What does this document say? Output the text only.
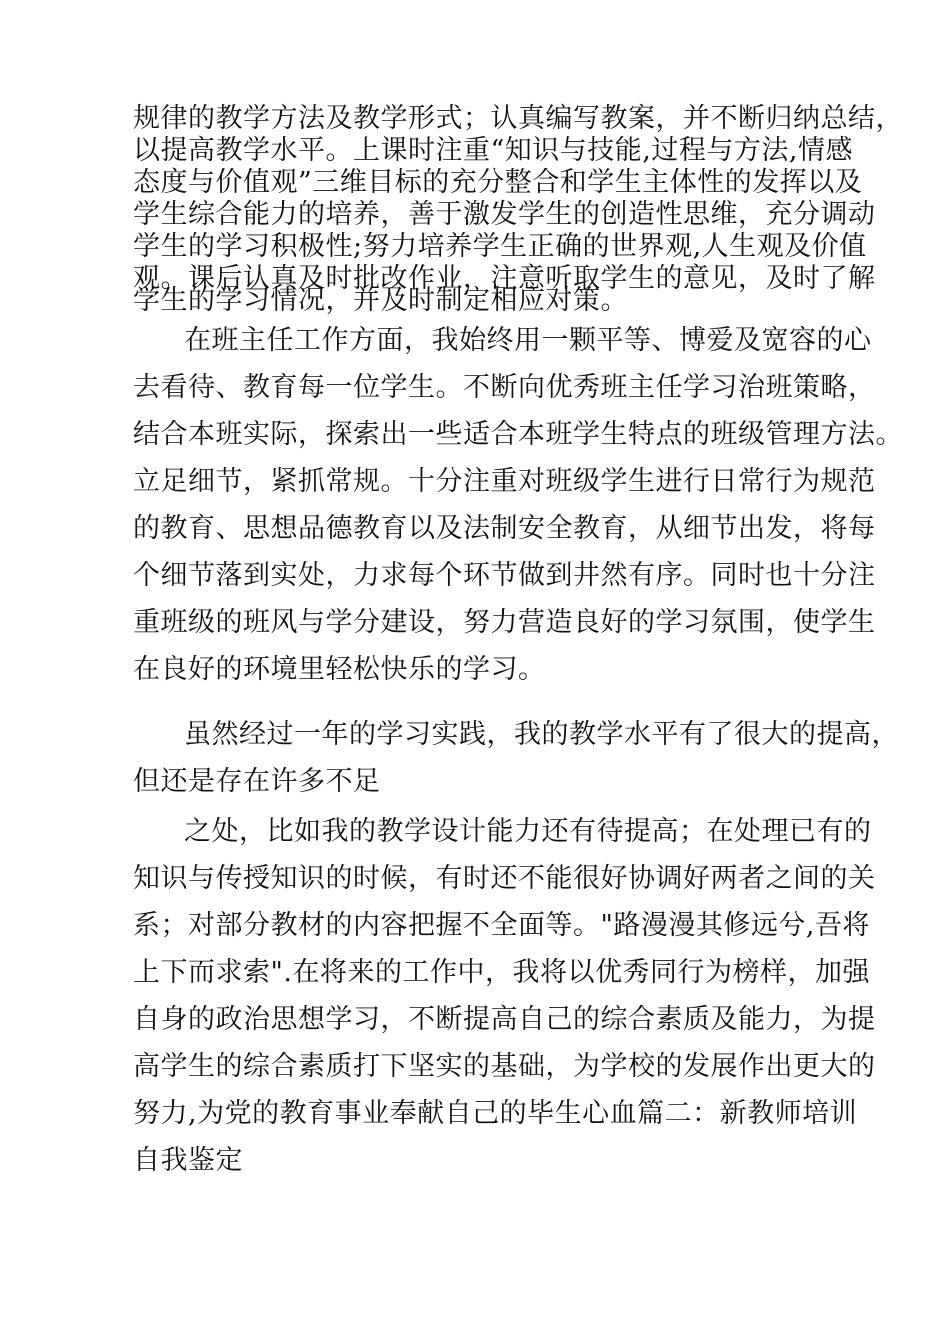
规律的教学方法及教学形式；认真编写教案，并不断归纳总结，
以提高教学水平。上课时注重“知识与技能,过程与方法,情感
态度与价值观”三维目标的充分整合和学生主体性的发挥以及
学生综合能力的培养，善于激发学生的创造性思维，充分调动
学生的学习积极性;努力培养学生正确的世界观,人生观及价值
观。课后认真及时批改作业，注意听取学生的意见，及时了解
学生的学习情况，并及时制定相应对策。
在班主任工作方面，我始终用一颗平等、博爱及宽容的心
去看待、教育每一位学生。不断向优秀班主任学习治班策略，
结合本班实际，探索出一些适合本班学生特点的班级管理方法。
立足细节，紧抓常规。十分注重对班级学生进行日常行为规范
的教育、思想品德教育以及法制安全教育，从细节出发，将每
个细节落到实处，力求每个环节做到井然有序。同时也十分注
重班级的班风与学分建设，努力营造良好的学习氛围，使学生
在良好的环境里轻松快乐的学习。
虽然经过一年的学习实践，我的教学水平有了很大的提高，
但还是存在许多不足
之处，比如我的教学设计能力还有待提高；在处理已有的
知识与传授知识的时候，有时还不能很好协调好两者之间的关
系；对部分教材的内容把握不全面等。"路漫漫其修远兮,吾将
上下而求索".在将来的工作中，我将以优秀同行为榜样，加强
自身的政治思想学习，不断提高自己的综合素质及能力，为提
高学生的综合素质打下坚实的基础，为学校的发展作出更大的
努力,为党的教育事业奉献自己的毕生心血篇二：新教师培训
自我鉴定
